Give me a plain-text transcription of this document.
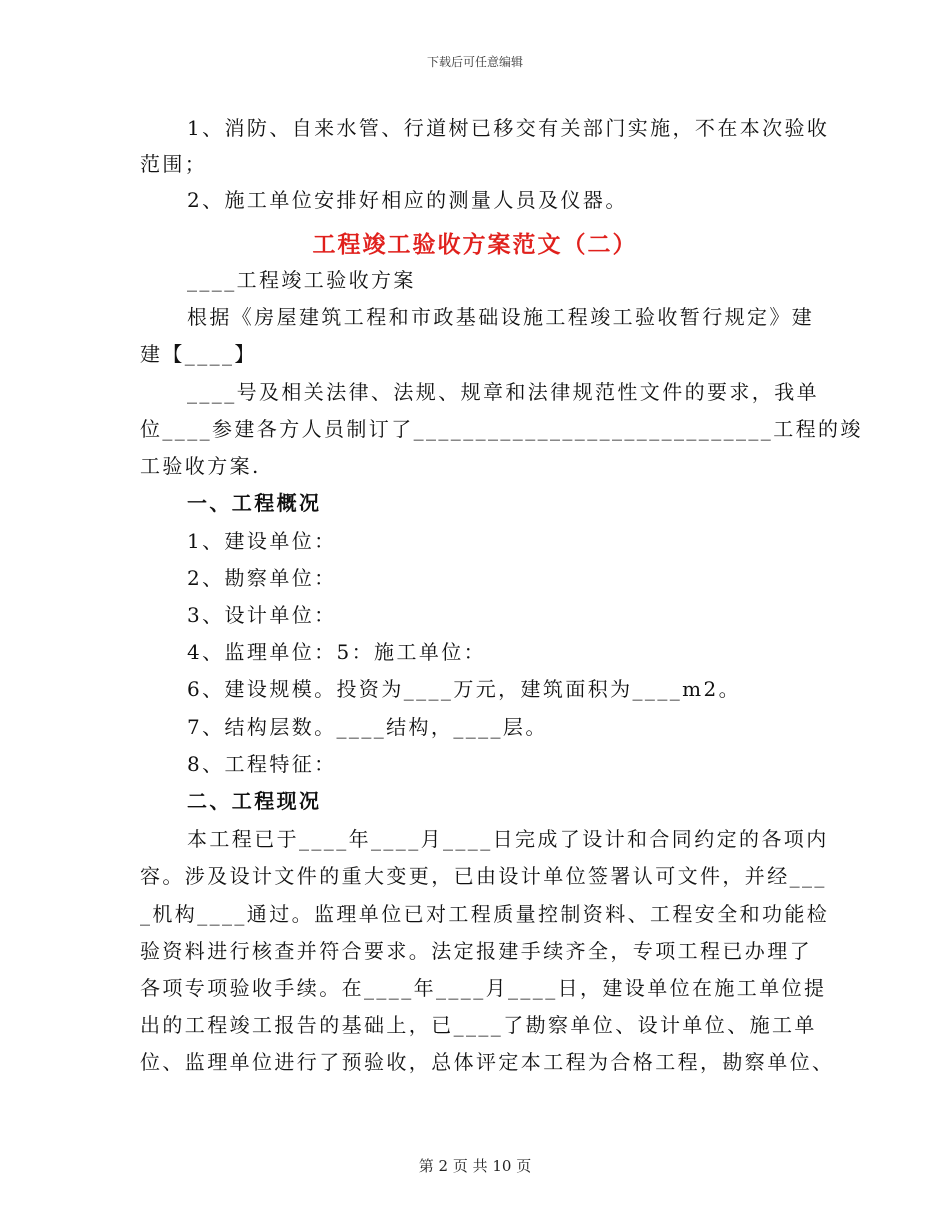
下载后可任意编辑
1、消防、自来水管、行道树已移交有关部门实施，不在本次验收
范围；
2、施工单位安排好相应的测量人员及仪器。
工程竣工验收方案范文（二）
____工程竣工验收方案
根据《房屋建筑工程和市政基础设施工程竣工验收暂行规定》建
建【____】
____号及相关法律、法规、规章和法律规范性文件的要求，我单
位____参建各方人员制订了_____________________________工程的竣
工验收方案.
一、工程概况
1、建设单位：
2、勘察单位：
3、设计单位：
4、监理单位：5：施工单位：
6、建设规模。投资为____万元，建筑面积为____m2。
7、结构层数。____结构，____层。
8、工程特征：
二、工程现况
本工程已于____年____月____日完成了设计和合同约定的各项内
容。涉及设计文件的重大变更，已由设计单位签署认可文件，并经___
_机构____通过。监理单位已对工程质量控制资料、工程安全和功能检
验资料进行核查并符合要求。法定报建手续齐全，专项工程已办理了
各项专项验收手续。在____年____月____日，建设单位在施工单位提
出的工程竣工报告的基础上，已____了勘察单位、设计单位、施工单
位、监理单位进行了预验收，总体评定本工程为合格工程，勘察单位、
第 2 页 共 10 页
